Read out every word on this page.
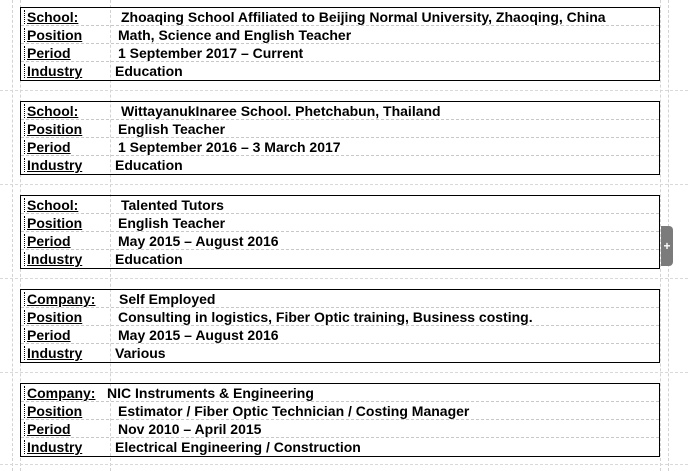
School:	Zhoaqing School Affiliated to Beijing Normal University, Zhaoqing, China
Position	Math, Science and English Teacher
Period	1 September 2017 – Current
Industry Education
School:	WittayanukInaree School. Phetchabun, Thailand
Position	English Teacher
Period	1 September 2016 – 3 March 2017
Industry Education
School:	Talented Tutors
Position	English Teacher
Period	May 2015 – August 2016
Industry Education
Company: Self Employed
Position	Consulting in logistics, Fiber Optic training, Business costing.
Period	May 2015 – August 2016
Industry Various
Company: NIC Instruments & Engineering
Position	Estimator / Fiber Optic Technician / Costing Manager
Period	Nov 2010 – April 2015
Industry Electrical Engineering / Construction
+
